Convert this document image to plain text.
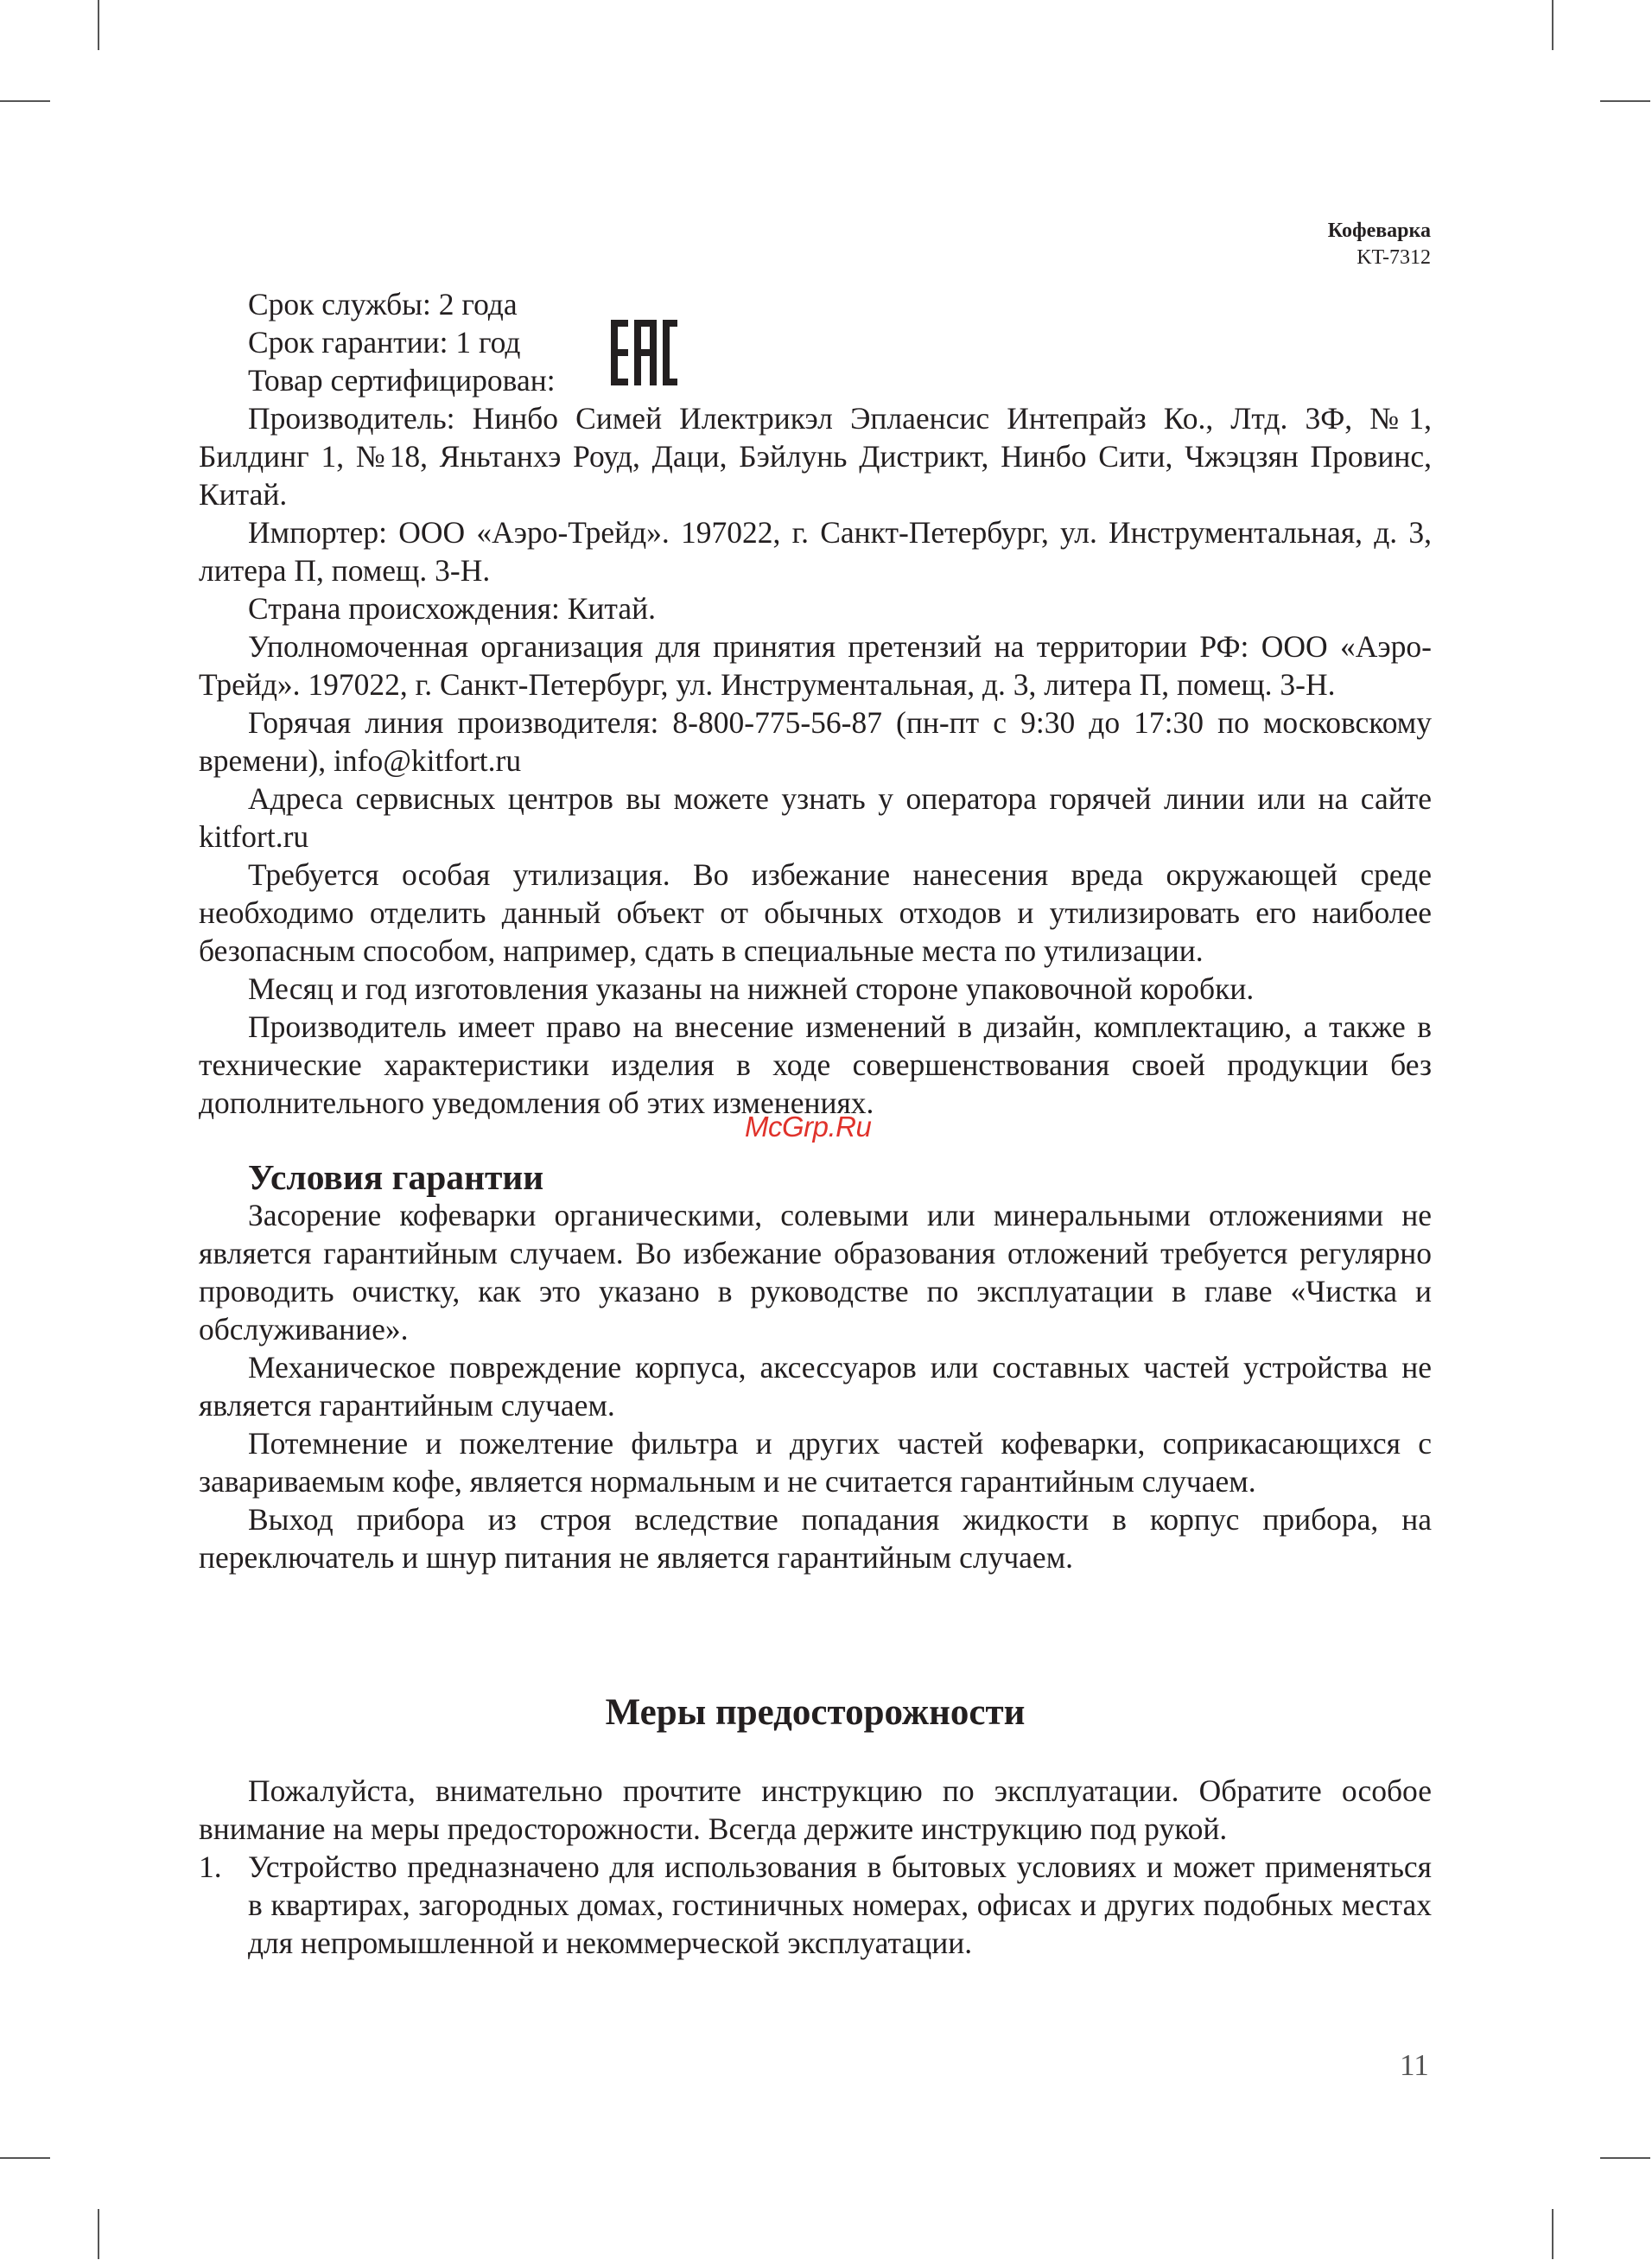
Кофеварка
KT-7312

Срок службы: 2 года

Срок гарантии: 1 год

Товар сертифицирован:

Производитель: Нинбо Симей Илектрикэл Эплаенсис Интепрайз Ко., Лтд. 3Ф, №1, Билдинг 1, №18, Яньтанхэ Роуд, Даци, Бэйлунь Дистрикт, Нинбо Сити, Чжэцзян Провинс, Китай.

Импортер: ООО «Аэро-Трейд». 197022, г. Санкт-Петербург, ул. Инструментальная, д. 3, литера П, помещ. 3-Н.

Страна происхождения: Китай.

Уполномоченная организация для принятия претензий на территории РФ: ООО «Аэро-Трейд». 197022, г. Санкт-Петербург, ул. Инструментальная, д. 3, литера П, помещ. 3-Н.

Горячая линия производителя: 8-800-775-56-87 (пн-пт с 9:30 до 17:30 по московскому времени), info@kitfort.ru

Адреса сервисных центров вы можете узнать у оператора горячей линии или на сайте kitfort.ru

Требуется особая утилизация. Во избежание нанесения вреда окружающей среде необходимо отделить данный объект от обычных отходов и утилизировать его наиболее безопасным способом, например, сдать в специальные места по утилизации.

Месяц и год изготовления указаны на нижней стороне упаковочной коробки.

Производитель имеет право на внесение изменений в дизайн, комплектацию, а также в технические характеристики изделия в ходе совершенствования своей продукции без дополнительного уведомления об этих изменениях.

Условия гарантии

Засорение кофеварки органическими, солевыми или минеральными отложениями не является гарантийным случаем. Во избежание образования отложений требуется регулярно проводить очистку, как это указано в руководстве по эксплуатации в главе «Чистка и обслуживание».

Механическое повреждение корпуса, аксессуаров или составных частей устройства не является гарантийным случаем.

Потемнение и пожелтение фильтра и других частей кофеварки, соприкасающихся с завариваемым кофе, является нормальным и не считается гарантийным случаем.

Выход прибора из строя вследствие попадания жидкости в корпус прибора, на переключатель и шнур питания не является гарантийным случаем.

Меры предосторожности

Пожалуйста, внимательно прочтите инструкцию по эксплуатации. Обратите особое внимание на меры предосторожности. Всегда держите инструкцию под рукой.

1. Устройство предназначено для использования в бытовых условиях и может применяться в квартирах, загородных домах, гостиничных номерах, офисах и других подобных местах для непромышленной и некоммерческой эксплуатации.
McGrp.Ru
11
